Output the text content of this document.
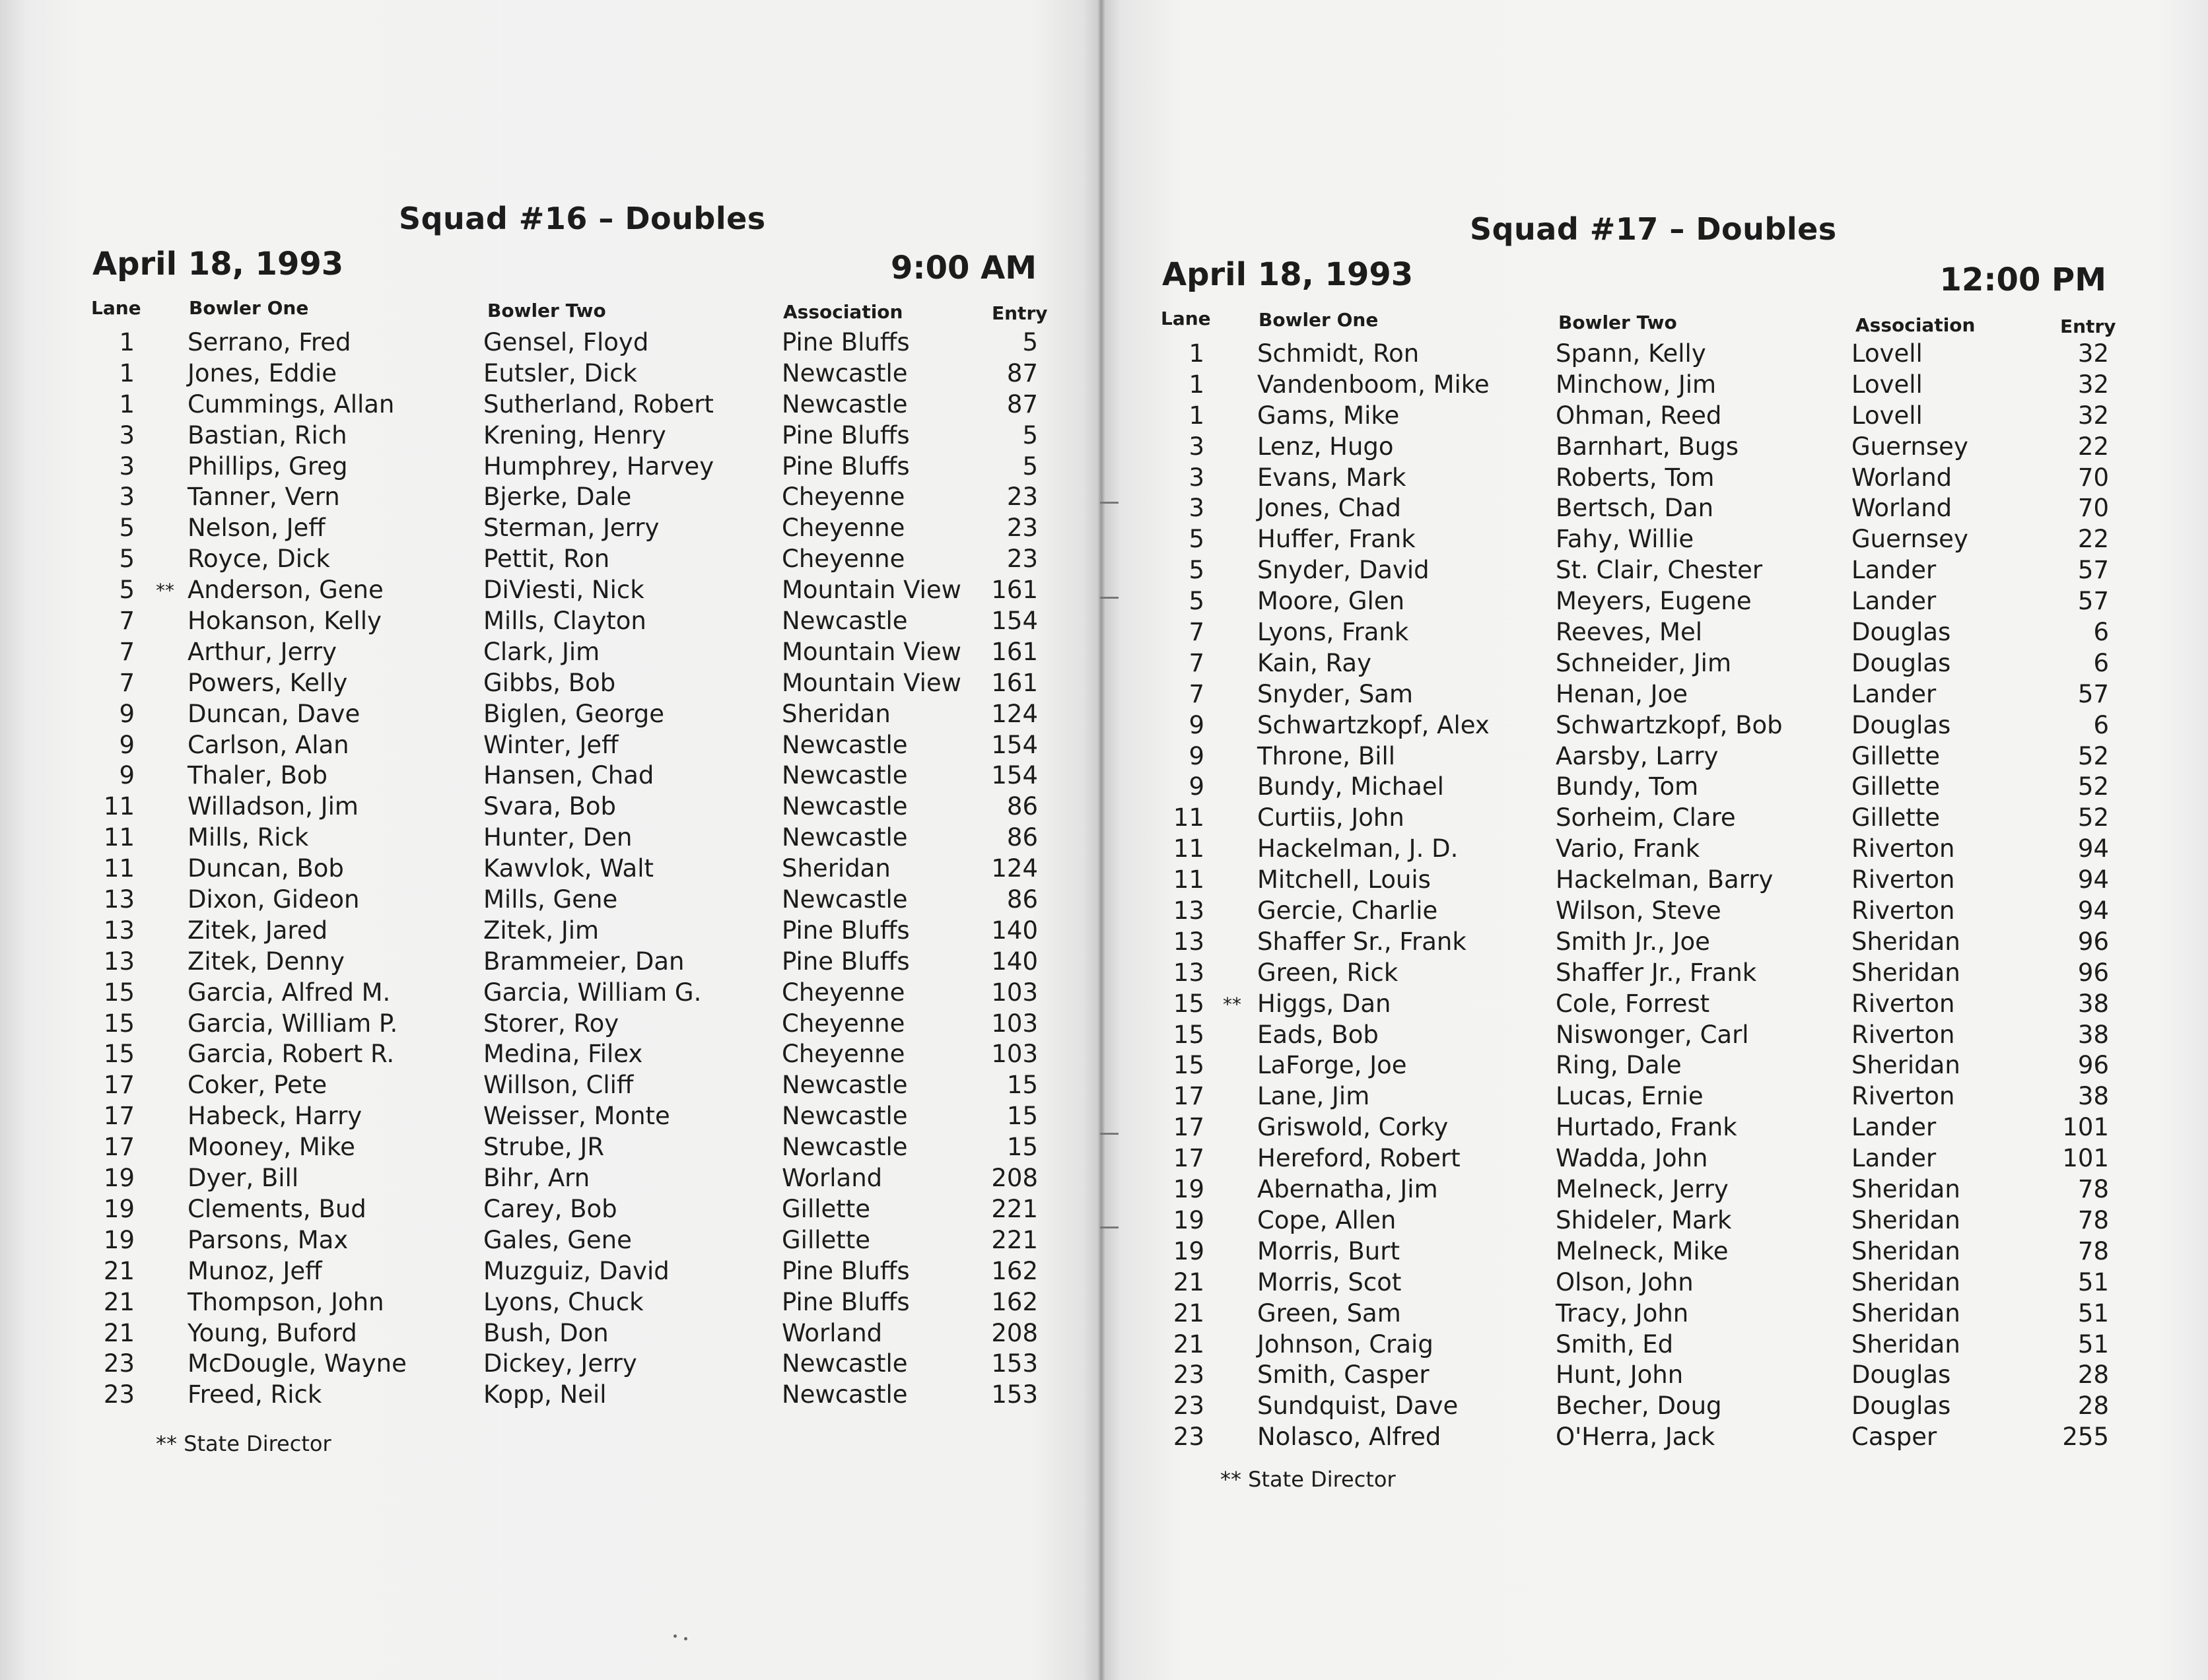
Squad #16 – Doubles
April 18, 1993	9:00 AM
Lane	Bowler One	Bowler Two	Association	Entry
1 Serrano, Fred	Gensel, Floyd	Pine Bluffs	5
1 Jones, Eddie	Eutsler, Dick	Newcastle	87
1 Cummings, Allan	Sutherland, Robert	Newcastle	87
3 Bastian, Rich	Krening, Henry	Pine Bluffs	5
3 Phillips, Greg	Humphrey, Harvey	Pine Bluffs	5
3 Tanner, Vern	Bjerke, Dale	Cheyenne	23
5 Nelson, Jeff	Sterman, Jerry	Cheyenne	23
5 Royce, Dick	Pettit, Ron	Cheyenne	23
5 ** Anderson, Gene	DiViesti, Nick	Mountain View	161
7 Hokanson, Kelly	Mills, Clayton	Newcastle	154
7 Arthur, Jerry	Clark, Jim	Mountain View	161
7 Powers, Kelly	Gibbs, Bob	Mountain View	161
9 Duncan, Dave	Biglen, George	Sheridan	124
9 Carlson, Alan	Winter, Jeff	Newcastle	154
9 Thaler, Bob	Hansen, Chad	Newcastle	154
11 Willadson, Jim	Svara, Bob	Newcastle	86
11 Mills, Rick	Hunter, Den	Newcastle	86
11 Duncan, Bob	Kawvlok, Walt	Sheridan	124
13 Dixon, Gideon	Mills, Gene	Newcastle	86
13 Zitek, Jared	Zitek, Jim	Pine Bluffs	140
13 Zitek, Denny	Brammeier, Dan	Pine Bluffs	140
15 Garcia, Alfred M.	Garcia, William G.	Cheyenne	103
15 Garcia, William P.	Storer, Roy	Cheyenne	103
15 Garcia, Robert R.	Medina, Filex	Cheyenne	103
17 Coker, Pete	Willson, Cliff	Newcastle	15
17 Habeck, Harry	Weisser, Monte	Newcastle	15
17 Mooney, Mike	Strube, JR	Newcastle	15
19 Dyer, Bill	Bihr, Arn	Worland	208
19 Clements, Bud	Carey, Bob	Gillette	221
19 Parsons, Max	Gales, Gene	Gillette	221
21 Munoz, Jeff	Muzguiz, David	Pine Bluffs	162
21 Thompson, John	Lyons, Chuck	Pine Bluffs	162
21 Young, Buford	Bush, Don	Worland	208
23 McDougle, Wayne	Dickey, Jerry	Newcastle	153
23 Freed, Rick	Kopp, Neil	Newcastle	153
** State Director
Squad #17 – Doubles
April 18, 1993	12:00 PM
Lane	Bowler One	Bowler Two	Association	Entry
1 Schmidt, Ron	Spann, Kelly	Lovell	32
1 Vandenboom, Mike	Minchow, Jim	Lovell	32
1 Gams, Mike	Ohman, Reed	Lovell	32
3 Lenz, Hugo	Barnhart, Bugs	Guernsey	22
3 Evans, Mark	Roberts, Tom	Worland	70
3 Jones, Chad	Bertsch, Dan	Worland	70
5 Huffer, Frank	Fahy, Willie	Guernsey	22
5 Snyder, David	St. Clair, Chester	Lander	57
5 Moore, Glen	Meyers, Eugene	Lander	57
7 Lyons, Frank	Reeves, Mel	Douglas	6
7 Kain, Ray	Schneider, Jim	Douglas	6
7 Snyder, Sam	Henan, Joe	Lander	57
9 Schwartzkopf, Alex	Schwartzkopf, Bob	Douglas	6
9 Throne, Bill	Aarsby, Larry	Gillette	52
9 Bundy, Michael	Bundy, Tom	Gillette	52
11 Curtiis, John	Sorheim, Clare	Gillette	52
11 Hackelman, J. D.	Vario, Frank	Riverton	94
11 Mitchell, Louis	Hackelman, Barry	Riverton	94
13 Gercie, Charlie	Wilson, Steve	Riverton	94
13 Shaffer Sr., Frank	Smith Jr., Joe	Sheridan	96
13 Green, Rick	Shaffer Jr., Frank	Sheridan	96
15 ** Higgs, Dan	Cole, Forrest	Riverton	38
15 Eads, Bob	Niswonger, Carl	Riverton	38
15 LaForge, Joe	Ring, Dale	Sheridan	96
17 Lane, Jim	Lucas, Ernie	Riverton	38
17 Griswold, Corky	Hurtado, Frank	Lander	101
17 Hereford, Robert	Wadda, John	Lander	101
19 Abernatha, Jim	Melneck, Jerry	Sheridan	78
19 Cope, Allen	Shideler, Mark	Sheridan	78
19 Morris, Burt	Melneck, Mike	Sheridan	78
21 Morris, Scot	Olson, John	Sheridan	51
21 Green, Sam	Tracy, John	Sheridan	51
21 Johnson, Craig	Smith, Ed	Sheridan	51
23 Smith, Casper	Hunt, John	Douglas	28
23 Sundquist, Dave	Becher, Doug	Douglas	28
23 Nolasco, Alfred	O'Herra, Jack	Casper	255
** State Director
